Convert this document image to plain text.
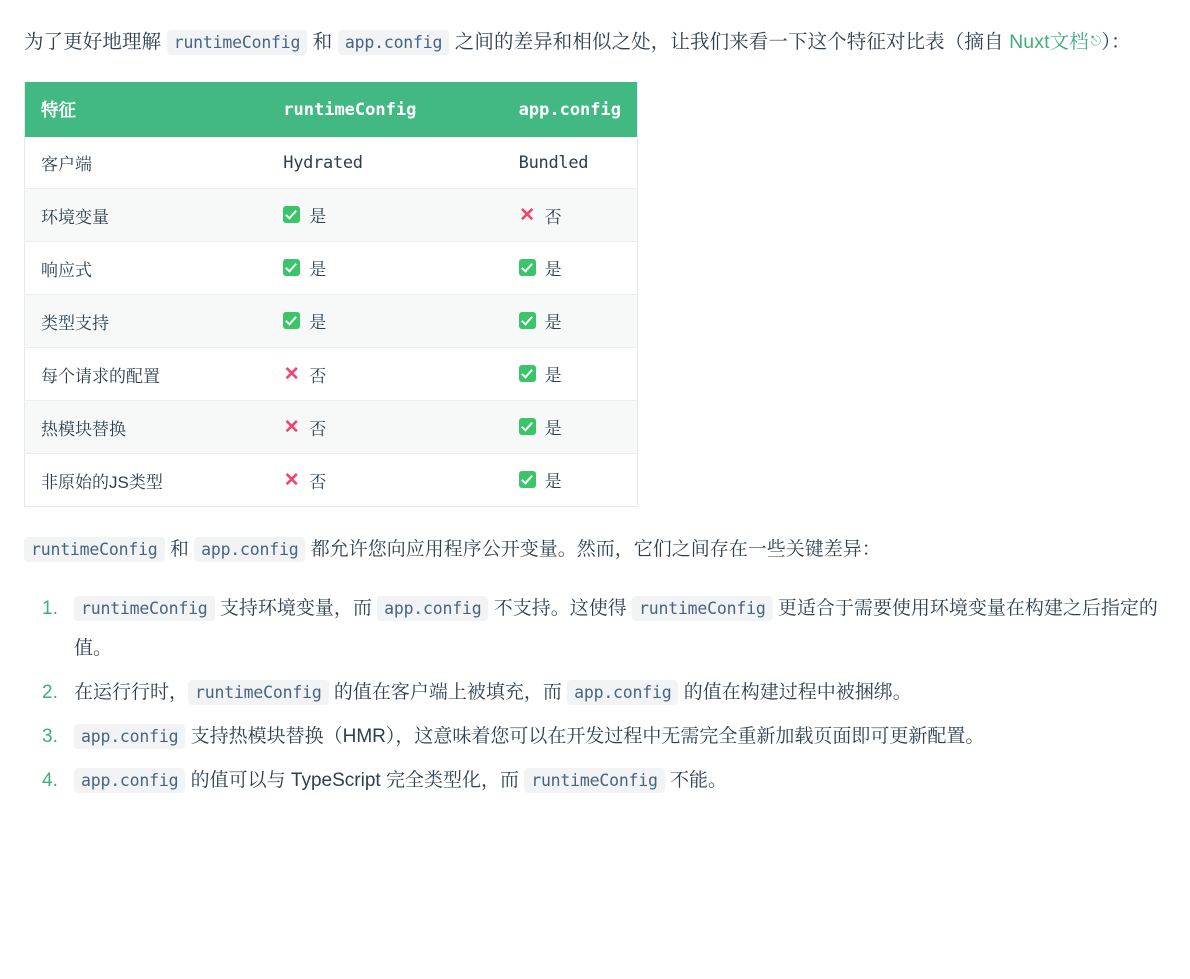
为了更好地理解 runtimeConfig 和 app.config 之间的差异和相似之处，让我们来看一下这个特征对比表（摘自 Nuxt文档 ⎋）：

特征	runtimeConfig	app.config
客户端	Hydrated	Bundled
环境变量	是	✕ 否

响应式	是	是

类型支持	是	是

每个请求的配置	✕ 否	是

热模块替换	✕ 否	是

非原始的JS类型	✕ 否	是

runtimeConfig 和 app.config 都允许您向应用程序公开变量。然而，它们之间存在一些关键差异：

runtimeConfig 支持环境变量，而 app.config 不支持。这使得 runtimeConfig 更适合于需要使用环境变量在构建之后指定的值。
在运行行时， runtimeConfig 的值在客户端上被填充，而 app.config 的值在构建过程中被捆绑。
app.config 支持热模块替换（HMR），这意味着您可以在开发过程中无需完全重新加载页面即可更新配置。
app.config 的值可以与 TypeScript 完全类型化，而 runtimeConfig 不能。
